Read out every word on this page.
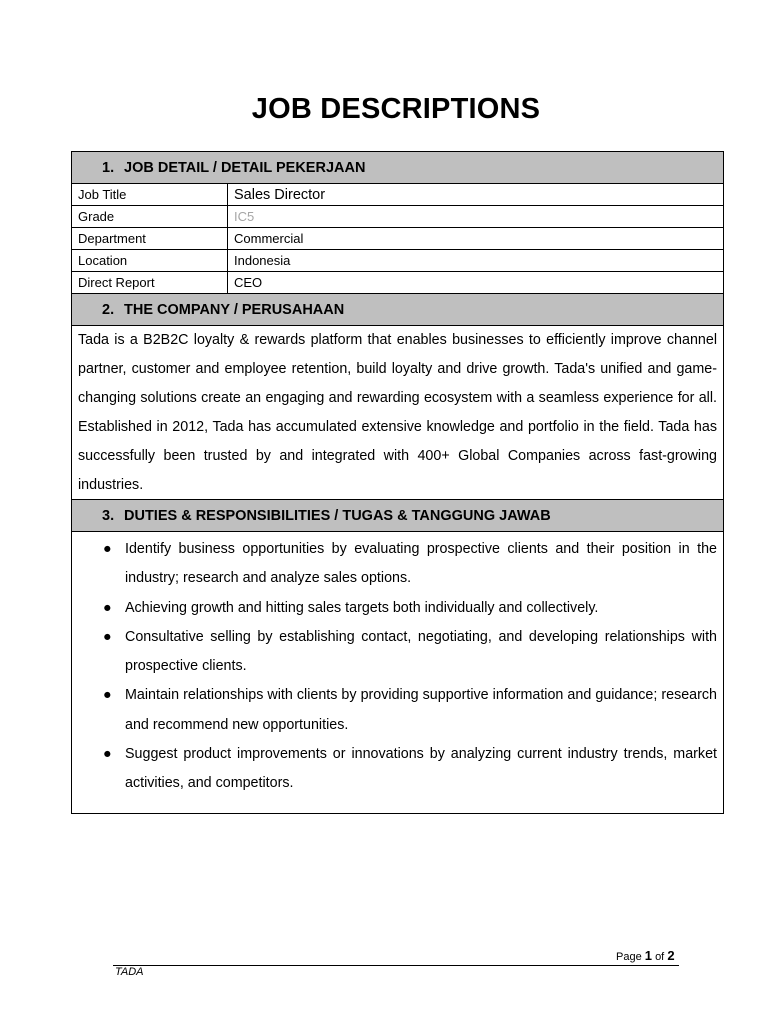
JOB DESCRIPTIONS
1. JOB DETAIL / DETAIL PEKERJAAN
Job Title	Sales Director
Grade	IC5
Department	Commercial
Location	Indonesia
Direct Report	CEO
2. THE COMPANY / PERUSAHAAN
Tada is a B2B2C loyalty & rewards platform that enables businesses to efficiently improve channel partner, customer and employee retention, build loyalty and drive growth. Tada's unified and game-changing solutions create an engaging and rewarding ecosystem with a seamless experience for all. Established in 2012, Tada has accumulated extensive knowledge and portfolio in the field. Tada has successfully been trusted by and integrated with 400+ Global Companies across fast-growing industries.
3. DUTIES & RESPONSIBILITIES / TUGAS & TANGGUNG JAWAB
● Identify business opportunities by evaluating prospective clients and their position in the industry; research and analyze sales options.
● Achieving growth and hitting sales targets both individually and collectively.
● Consultative selling by establishing contact, negotiating, and developing relationships with prospective clients.
● Maintain relationships with clients by providing supportive information and guidance; research and recommend new opportunities.
● Suggest product improvements or innovations by analyzing current industry trends, market activities, and competitors.
Page 1 of 2
TADA
